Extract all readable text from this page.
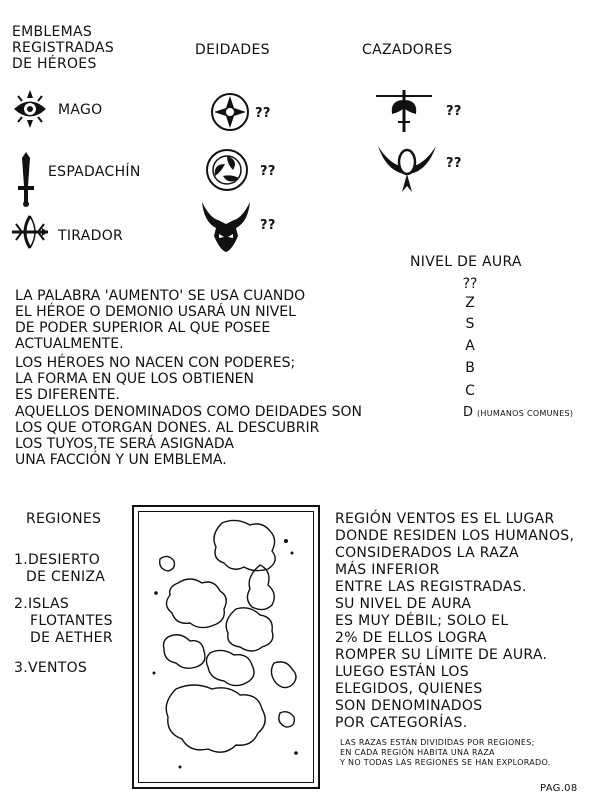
EMBLEMAS

REGISTRADAS

DE HÉROES

DEIDADES	CAZADORES

MAGO

ESPADACHÍN

TIRADOR

??

??

??

??

??

NIVEL DE AURA

??

Z

S

A

B

C

D (HUMANOS COMUNES)

LA PALABRA 'AUMENTO' SE USA CUANDO

EL HÉROE O DEMONIO USARÁ UN NIVEL

DE PODER SUPERIOR AL QUE POSEE

ACTUALMENTE.

LOS HÉROES NO NACEN CON PODERES;

LA FORMA EN QUE LOS OBTIENEN

ES DIFERENTE.

AQUELLOS DENOMINADOS COMO DEIDADES SON

LOS QUE OTORGAN DONES. AL DESCUBRIR

LOS TUYOS,TE SERÁ ASIGNADA

UNA FACCIÓN Y UN EMBLEMA.

REGIONES

1.DESIERTO

DE CENIZA

2.ISLAS

FLOTANTES

DE AETHER

3.VENTOS

REGIÓN VENTOS ES EL LUGAR

DONDE RESIDEN LOS HUMANOS,

CONSIDERADOS LA RAZA

MÁS INFERIOR

ENTRE LAS REGISTRADAS.

SU NIVEL DE AURA

ES MUY DÉBIL; SOLO EL

2% DE ELLOS LOGRA

ROMPER SU LÍMITE DE AURA.

LUEGO ESTÁN LOS

ELEGIDOS, QUIENES

SON DENOMINADOS

POR CATEGORÍAS.

LAS RAZAS ESTÁN DIVIDIDAS POR REGIONES;

EN CADA REGIÓN HABITA UNA RAZA

Y NO TODAS LAS REGIONES SE HAN EXPLORADO.

PAG.08
